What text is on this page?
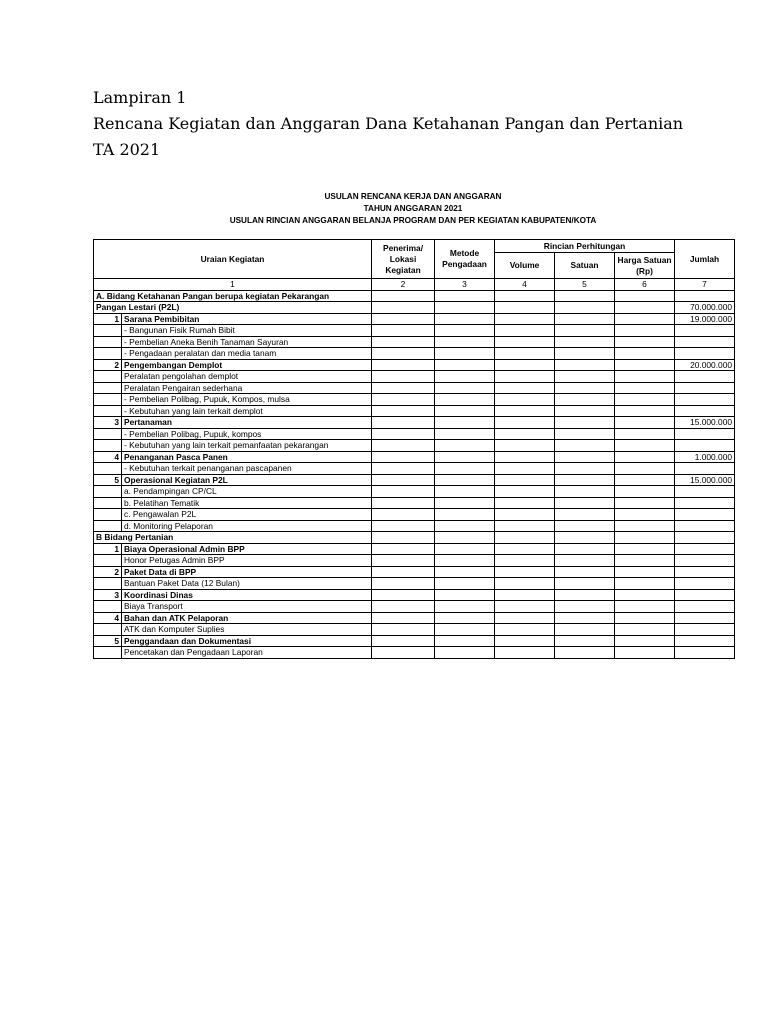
Lampiran 1
Rencana Kegiatan dan Anggaran Dana Ketahanan Pangan dan Pertanian
TA 2021
USULAN RENCANA KERJA DAN ANGGARAN
TAHUN ANGGARAN 2021
USULAN RINCIAN ANGGARAN BELANJA PROGRAM DAN PER KEGIATAN KABUPATEN/KOTA
Uraian Kegiatan		Penerima/ Lokasi Kegiatan	Metode Pengadaan	Rincian Perhitungan			Jumlah
				Volume	Satuan	Harga Satuan (Rp)	
1		2	3	4	5	6	7
A. Bidang Ketahanan Pangan berupa kegiatan Pekarangan							
Pangan Lestari (P2L)							70.000.000
1	Sarana Pembibitan						19.000.000
	- Bangunan Fisik Rumah Bibit						
	- Pembelian Aneka Benih Tanaman Sayuran						
	- Pengadaan peralatan dan media tanam						
2	Pengembangan Demplot						20.000.000
	Peralatan pengolahan demplot						
	Peralatan Pengairan sederhana						
	- Pembelian Polibag, Pupuk, Kompos, mulsa						
	- Kebutuhan yang lain terkait demplot						
3	Pertanaman						15.000.000
	- Pembelian Polibag, Pupuk, kompos						
	- Kebutuhan yang lain terkait pemanfaatan pekarangan						
4	Penanganan Pasca Panen						1.000.000
	- Kebutuhan terkait penanganan pascapanen						
5	Operasional Kegiatan P2L						15.000.000
	a. Pendampingan CP/CL						
	b. Pelatihan Tematik						
	c. Pengawalan P2L						
	d. Monitoring Pelaporan						
B Bidang Pertanian							
1	Biaya Operasional Admin BPP						
	Honor Petugas Admin BPP						
2	Paket Data di BPP						
	Bantuan Paket Data (12 Bulan)						
3	Koordinasi Dinas						
	Biaya Transport						
4	Bahan dan ATK Pelaporan						
	ATK dan Komputer Suplies						
5	Penggandaan dan Dokumentasi						
	Pencetakan dan Pengadaan Laporan						
